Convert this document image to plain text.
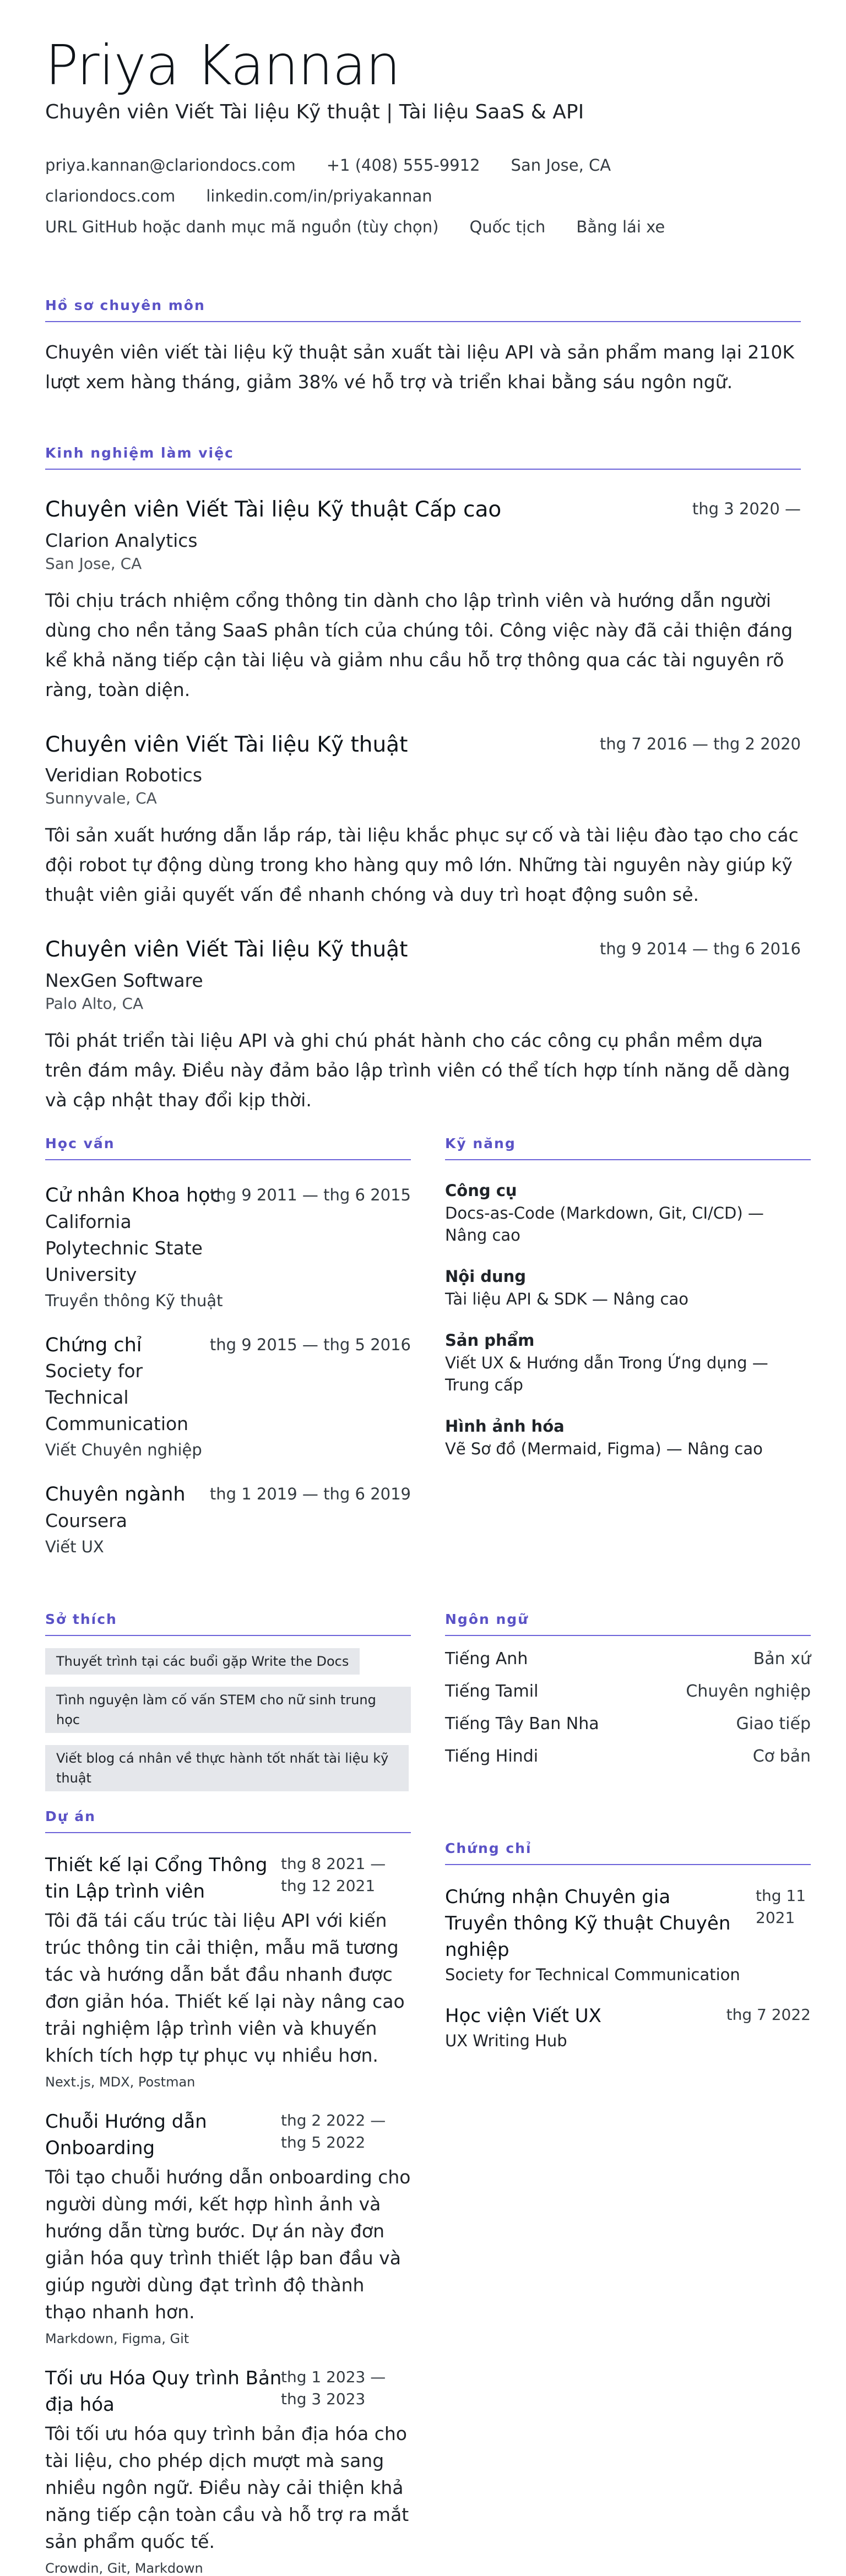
Priya Kannan
Chuyên viên Viết Tài liệu Kỹ thuật | Tài liệu SaaS & API
priya.kannan@clariondocs.com +1 (408) 555-9912 San Jose, CA
clariondocs.com linkedin.com/in/priyakannan
URL GitHub hoặc danh mục mã nguồn (tùy chọn) Quốc tịch Bằng lái xe
Hồ sơ chuyên môn
Chuyên viên viết tài liệu kỹ thuật sản xuất tài liệu API và sản phẩm mang lại 210K lượt xem hàng tháng, giảm 38% vé hỗ trợ và triển khai bằng sáu ngôn ngữ.
Kinh nghiệm làm việc
Chuyên viên Viết Tài liệu Kỹ thuật Cấp cao	thg 3 2020 —
Clarion Analytics
San Jose, CA
Tôi chịu trách nhiệm cổng thông tin dành cho lập trình viên và hướng dẫn người dùng cho nền tảng SaaS phân tích của chúng tôi. Công việc này đã cải thiện đáng kể khả năng tiếp cận tài liệu và giảm nhu cầu hỗ trợ thông qua các tài nguyên rõ ràng, toàn diện.
Chuyên viên Viết Tài liệu Kỹ thuật	thg 7 2016 — thg 2 2020
Veridian Robotics
Sunnyvale, CA
Tôi sản xuất hướng dẫn lắp ráp, tài liệu khắc phục sự cố và tài liệu đào tạo cho các đội robot tự động dùng trong kho hàng quy mô lớn. Những tài nguyên này giúp kỹ thuật viên giải quyết vấn đề nhanh chóng và duy trì hoạt động suôn sẻ.
Chuyên viên Viết Tài liệu Kỹ thuật	thg 9 2014 — thg 6 2016
NexGen Software
Palo Alto, CA
Tôi phát triển tài liệu API và ghi chú phát hành cho các công cụ phần mềm dựa trên đám mây. Điều này đảm bảo lập trình viên có thể tích hợp tính năng dễ dàng và cập nhật thay đổi kịp thời.
Học vấn
Cử nhân Khoa học
thg 9 2011 — thg 6 2015
California Polytechnic State University
Truyền thông Kỹ thuật
Chứng chỉ	thg 9 2015 — thg 5 2016
Society for Technical Communication
Viết Chuyên nghiệp
Chuyên ngành	thg 1 2019 — thg 6 2019
Coursera
Viết UX
Kỹ năng
Công cụ
Docs-as-Code (Markdown, Git, CI/CD) — Nâng cao
Nội dung
Tài liệu API & SDK — Nâng cao
Sản phẩm
Viết UX & Hướng dẫn Trong Ứng dụng — Trung cấp
Hình ảnh hóa
Vẽ Sơ đồ (Mermaid, Figma) — Nâng cao
Sở thích
Thuyết trình tại các buổi gặp Write the Docs
Tình nguyện làm cố vấn STEM cho nữ sinh trung học
Viết blog cá nhân về thực hành tốt nhất tài liệu kỹ thuật
Ngôn ngữ
Tiếng Anh	Bản xứ
Tiếng Tamil	Chuyên nghiệp
Tiếng Tây Ban Nha	Giao tiếp
Tiếng Hindi	Cơ bản
Dự án
Thiết kế lại Cổng Thông tin Lập trình viên
thg 8 2021 — thg 12 2021
Tôi đã tái cấu trúc tài liệu API với kiến trúc thông tin cải thiện, mẫu mã tương tác và hướng dẫn bắt đầu nhanh được đơn giản hóa. Thiết kế lại này nâng cao trải nghiệm lập trình viên và khuyến khích tích hợp tự phục vụ nhiều hơn.
Next.js, MDX, Postman
Chuỗi Hướng dẫn Onboarding
thg 2 2022 — thg 5 2022
Tôi tạo chuỗi hướng dẫn onboarding cho người dùng mới, kết hợp hình ảnh và hướng dẫn từng bước. Dự án này đơn giản hóa quy trình thiết lập ban đầu và giúp người dùng đạt trình độ thành thạo nhanh hơn.
Markdown, Figma, Git
Tối ưu Hóa Quy trình Bản địa hóa
thg 1 2023 — thg 3 2023
Tôi tối ưu hóa quy trình bản địa hóa cho tài liệu, cho phép dịch mượt mà sang nhiều ngôn ngữ. Điều này cải thiện khả năng tiếp cận toàn cầu và hỗ trợ ra mắt sản phẩm quốc tế.
Crowdin, Git, Markdown
Chứng chỉ
Chứng nhận Chuyên gia Truyền thông Kỹ thuật Chuyên nghiệp
thg 11 2021
Society for Technical Communication
Học viện Viết UX	thg 7 2022
UX Writing Hub
